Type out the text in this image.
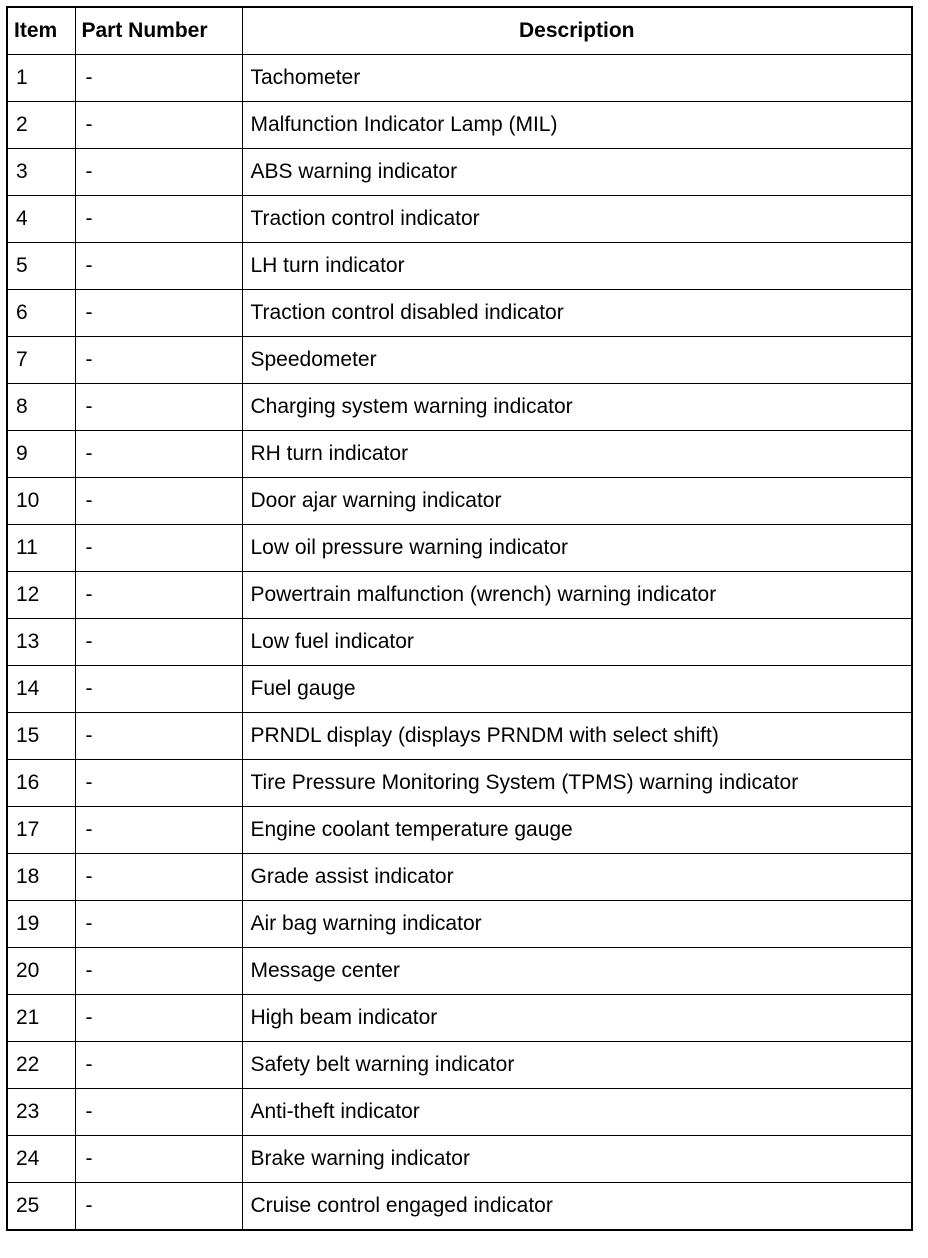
Item	Part Number	Description
1	-	Tachometer
2	-	Malfunction Indicator Lamp (MIL)
3	-	ABS warning indicator
4	-	Traction control indicator
5	-	LH turn indicator
6	-	Traction control disabled indicator
7	-	Speedometer
8	-	Charging system warning indicator
9	-	RH turn indicator
10	-	Door ajar warning indicator
11	-	Low oil pressure warning indicator
12	-	Powertrain malfunction (wrench) warning indicator
13	-	Low fuel indicator
14	-	Fuel gauge
15	-	PRNDL display (displays PRNDM with select shift)
16	-	Tire Pressure Monitoring System (TPMS) warning indicator
17	-	Engine coolant temperature gauge
18	-	Grade assist indicator
19	-	Air bag warning indicator
20	-	Message center
21	-	High beam indicator
22	-	Safety belt warning indicator
23	-	Anti-theft indicator
24	-	Brake warning indicator
25	-	Cruise control engaged indicator
